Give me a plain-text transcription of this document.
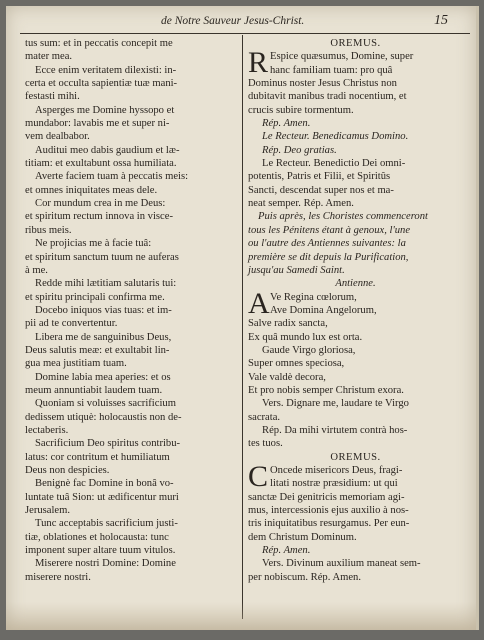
de Notre Sauveur Jesus-Christ.	15
tus sum: et in peccatis concepit me
mater mea.
Ecce enim veritatem dilexisti: in-
certa et occulta sapientiæ tuæ mani-
festasti mihi.
Asperges me Domine hyssopo et
mundabor: lavabis me et super ni-
vem dealbabor.
Auditui meo dabis gaudium et læ-
titiam: et exultabunt ossa humiliata.
Averte faciem tuam à peccatis meis:
et omnes iniquitates meas dele.
Cor mundum crea in me Deus:
et spiritum rectum innova in visce-
ribus meis.
Ne projicias me à facie tuâ:
et spiritum sanctum tuum ne auferas
à me.
Redde mihi lætitiam salutaris tui:
et spiritu principali confirma me.
Docebo iniquos vias tuas: et im-
pii ad te convertentur.
Libera me de sanguinibus Deus,
Deus salutis meæ: et exultabit lin-
gua mea justitiam tuam.
Domine labia mea aperies: et os
meum annuntiabit laudem tuam.
Quoniam si voluisses sacrificium
dedissem utiquè: holocaustis non de-
lectaberis.
Sacrificium Deo spiritus contribu-
latus: cor contritum et humiliatum
Deus non despicies.
Benignè fac Domine in bonâ vo-
luntate tuâ Sion: ut ædificentur muri
Jerusalem.
Tunc acceptabis sacrificium justi-
tiæ, oblationes et holocausta: tunc
imponent super altare tuum vitulos.
Miserere nostri Domine: Domine
miserere nostri.
OREMUS.
R Espice quæsumus, Domine, super
hanc familiam tuam: pro quâ
Dominus noster Jesus Christus non
dubitavit manibus tradi nocentium, et
crucis subire tormentum.
Rép. Amen.
Le Recteur. Benedicamus Domino.
Rép. Deo gratias.
Le Recteur. Benedictio Dei omni-
potentis, Patris et Filii, et Spiritûs
Sancti, descendat super nos et ma-
neat semper. Rép. Amen.
Puis après, les Choristes commenceront
tous les Pénitens étant à genoux, l'une
ou l'autre des Antiennes suivantes: la
première se dit depuis la Purification,
jusqu'au Samedi Saint.
Antienne.
A Ve Regina cœlorum,
Ave Domina Angelorum,
Salve radix sancta,
Ex quâ mundo lux est orta.
Gaude Virgo gloriosa,
Super omnes speciosa,
Vale valdè decora,
Et pro nobis semper Christum exora.
Vers. Dignare me, laudare te Virgo
sacrata.
Rép. Da mihi virtutem contrà hos-
tes tuos.
OREMUS.
C Oncede misericors Deus, fragi-
litati nostræ præsidium: ut qui
sanctæ Dei genitricis memoriam agi-
mus, intercessionis ejus auxilio à nos-
tris iniquitatibus resurgamus. Per eun-
dem Christum Dominum.
Rép. Amen.
Vers. Divinum auxilium maneat sem-
per nobiscum. Rép. Amen.
